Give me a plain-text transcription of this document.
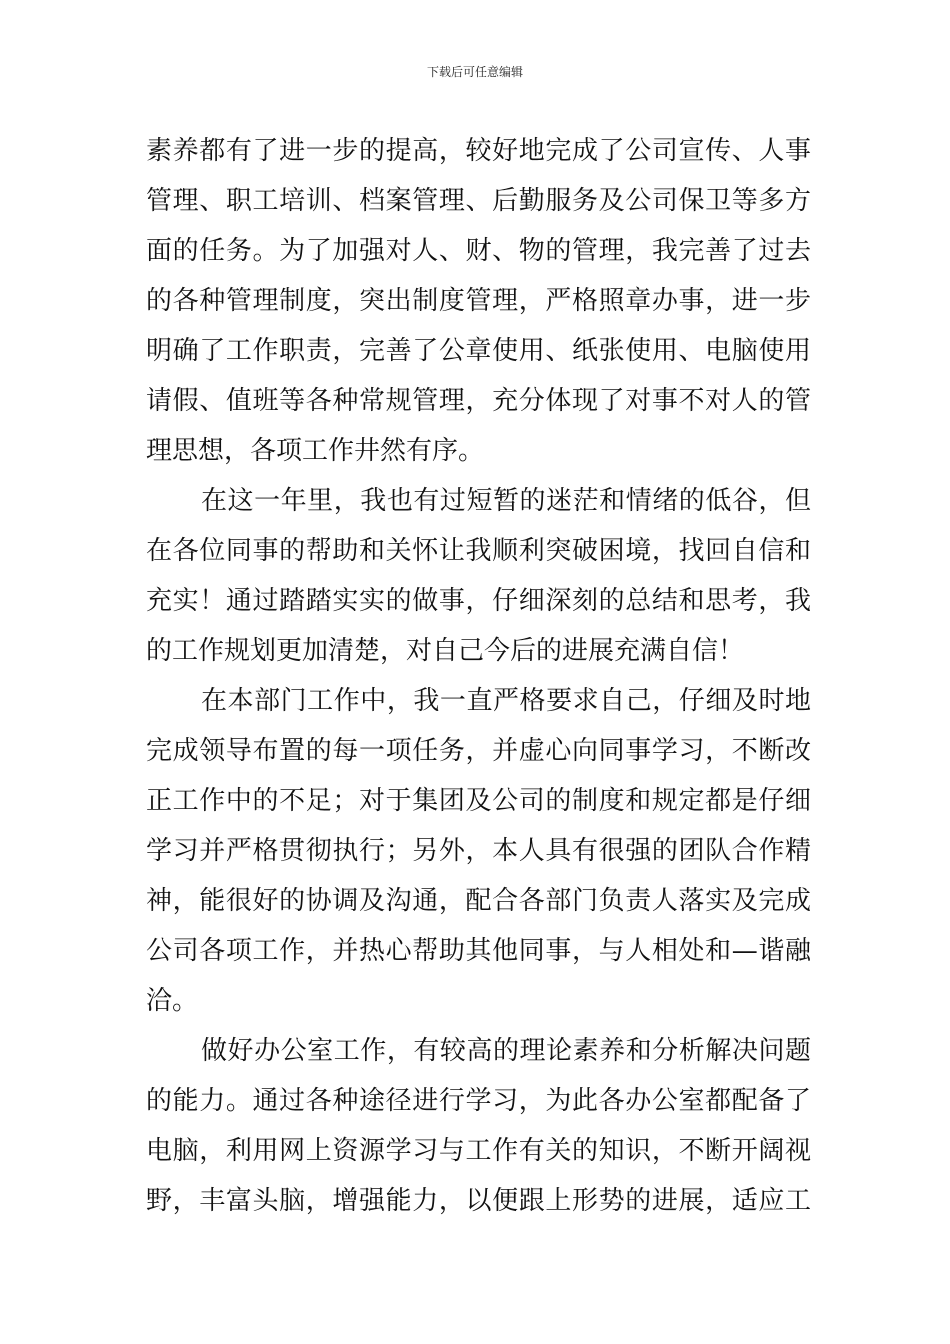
下载后可任意编辑
素养都有了进一步的提高，较好地完成了公司宣传、人事
管理、职工培训、档案管理、后勤服务及公司保卫等多方
面的任务。为了加强对人、财、物的管理，我完善了过去
的各种管理制度，突出制度管理，严格照章办事，进一步
明确了工作职责，完善了公章使用、纸张使用、电脑使用
请假、值班等各种常规管理，充分体现了对事不对人的管
理思想，各项工作井然有序。
在这一年里，我也有过短暂的迷茫和情绪的低谷，但
在各位同事的帮助和关怀让我顺利突破困境，找回自信和
充实！通过踏踏实实的做事，仔细深刻的总结和思考，我
的工作规划更加清楚，对自己今后的进展充满自信！
在本部门工作中，我一直严格要求自己，仔细及时地
完成领导布置的每一项任务，并虚心向同事学习，不断改
正工作中的不足；对于集团及公司的制度和规定都是仔细
学习并严格贯彻执行；另外，本人具有很强的团队合作精
神，能很好的协调及沟通，配合各部门负责人落实及完成
公司各项工作，并热心帮助其他同事，与人相处和—谐融
洽。
做好办公室工作，有较高的理论素养和分析解决问题
的能力。通过各种途径进行学习，为此各办公室都配备了
电脑，利用网上资源学习与工作有关的知识，不断开阔视
野，丰富头脑，增强能力，以便跟上形势的进展，适应工
